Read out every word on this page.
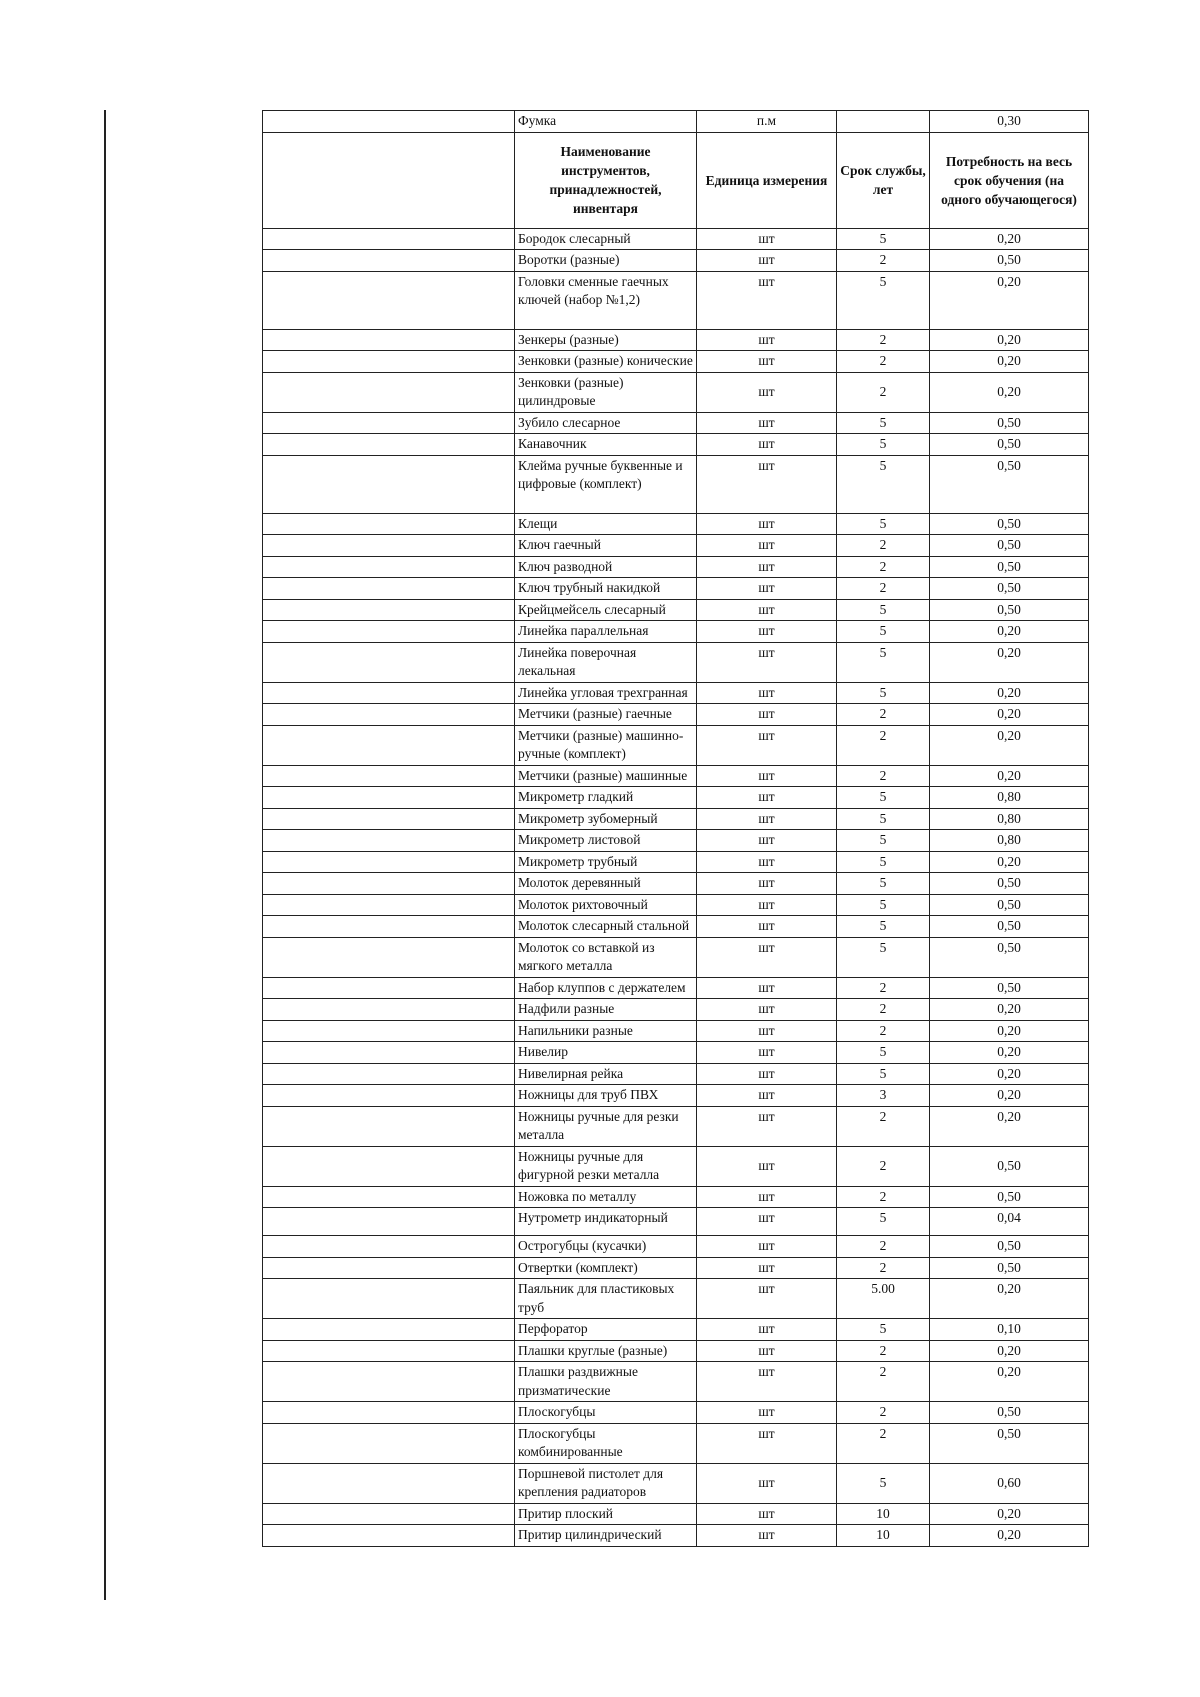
	Фумка	п.м		0,30
	Наименование инструментов, принадлежностей, инвентаря	Единица измерения	Срок службы, лет	Потребность на весь срок обучения (на одного обучающегося)
	Бородок слесарный	шт	5	0,20
	Воротки (разные)	шт	2	0,50
	Головки сменные гаечных ключей (набор №1,2)	шт	5	0,20
	Зенкеры (разные)	шт	2	0,20
	Зенковки (разные) конические	шт	2	0,20
	Зенковки (разные) цилиндровые	шт	2	0,20
	Зубило слесарное	шт	5	0,50
	Канавочник	шт	5	0,50
	Клейма ручные буквенные и цифровые (комплект)	шт	5	0,50
	Клещи	шт	5	0,50
	Ключ гаечный	шт	2	0,50
	Ключ разводной	шт	2	0,50
	Ключ трубный накидкой	шт	2	0,50
	Крейцмейсель слесарный	шт	5	0,50
	Линейка параллельная	шт	5	0,20
	Линейка поверочная лекальная	шт	5	0,20
	Линейка угловая трехгранная	шт	5	0,20
	Метчики (разные) гаечные	шт	2	0,20
	Метчики (разные) машинно-ручные (комплект)	шт	2	0,20
	Метчики (разные) машинные	шт	2	0,20
	Микрометр гладкий	шт	5	0,80
	Микрометр зубомерный	шт	5	0,80
	Микрометр листовой	шт	5	0,80
	Микрометр трубный	шт	5	0,20
	Молоток деревянный	шт	5	0,50
	Молоток рихтовочный	шт	5	0,50
	Молоток слесарный стальной	шт	5	0,50
	Молоток со вставкой из мягкого металла	шт	5	0,50
	Набор клуппов с держателем	шт	2	0,50
	Надфили разные	шт	2	0,20
	Напильники разные	шт	2	0,20
	Нивелир	шт	5	0,20
	Нивелирная рейка	шт	5	0,20
	Ножницы для труб ПВХ	шт	3	0,20
	Ножницы ручные для резки металла	шт	2	0,20
	Ножницы ручные для фигурной резки металла	шт	2	0,50
	Ножовка по металлу	шт	2	0,50
	Нутрометр индикаторный	шт	5	0,04
	Острогубцы (кусачки)	шт	2	0,50
	Отвертки (комплект)	шт	2	0,50
	Паяльник для пластиковых труб	шт	5.00	0,20
	Перфоратор	шт	5	0,10
	Плашки круглые (разные)	шт	2	0,20
	Плашки раздвижные призматические	шт	2	0,20
	Плоскогубцы	шт	2	0,50
	Плоскогубцы комбинированные	шт	2	0,50
	Поршневой пистолет для крепления радиаторов	шт	5	0,60
	Притир плоский	шт	10	0,20
	Притир цилиндрический	шт	10	0,20
